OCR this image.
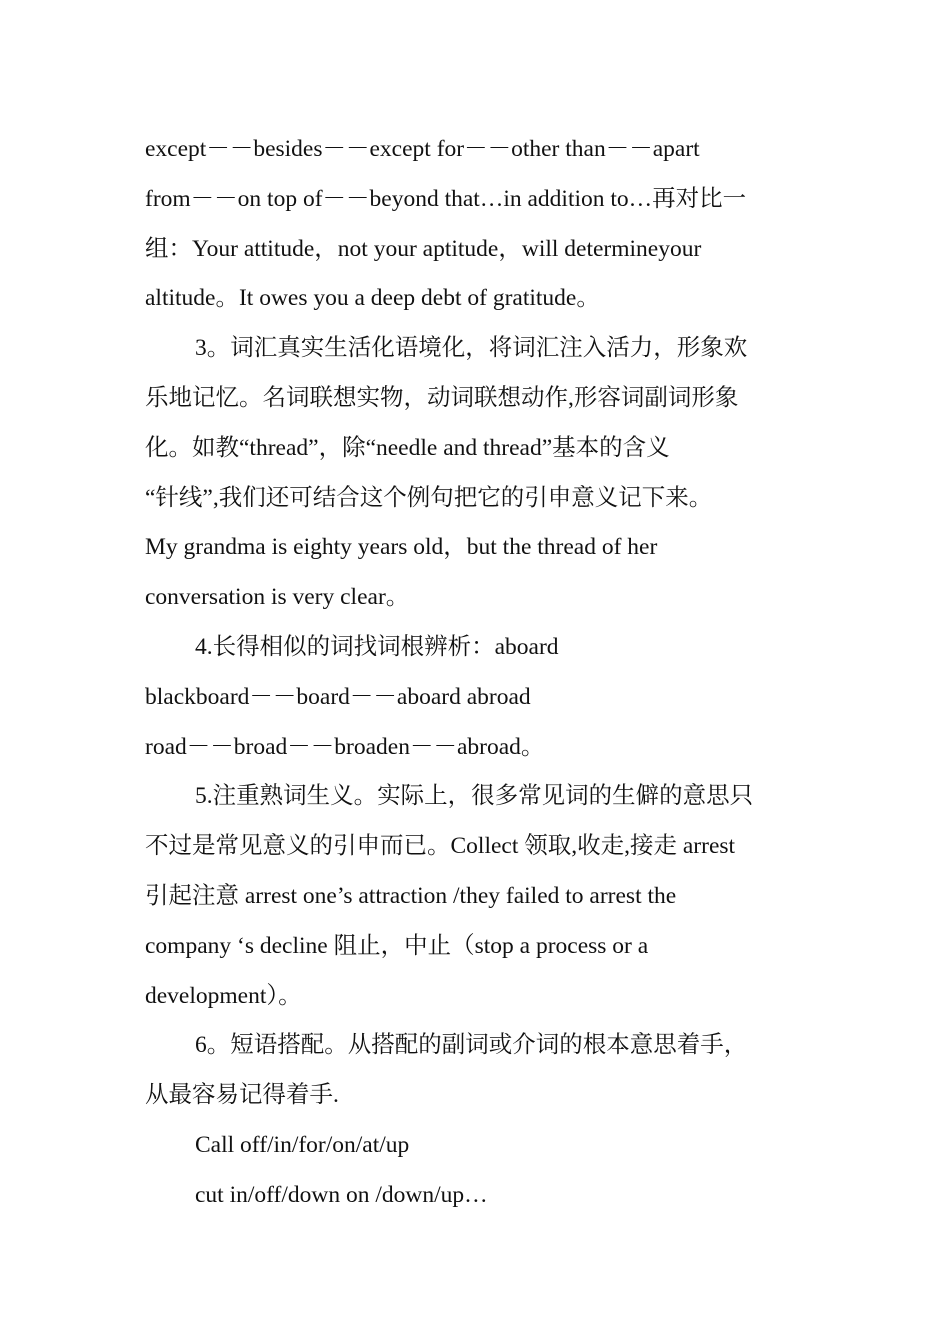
except－－besides－－except for－－other than－－apart
from－－on top of－－beyond that…in addition to…再对比一
组：Your attitude，not your aptitude，will determineyour
altitude。It owes you a deep debt of gratitude。
3。词汇真实生活化语境化，将词汇注入活力，形象欢
乐地记忆。名词联想实物，动词联想动作,形容词副词形象
化。如教“thread”，除“needle and thread”基本的含义
“针线”,我们还可结合这个例句把它的引申意义记下来。
My grandma is eighty years old，but the thread of her
conversation is very clear。
4.长得相似的词找词根辨析：aboard
blackboard－－board－－aboard abroad
road－－broad－－broaden－－abroad。
5.注重熟词生义。实际上，很多常见词的生僻的意思只
不过是常见意义的引申而已。Collect 领取,收走,接走 arrest
引起注意 arrest one’s attraction /they failed to arrest the
company ‘s decline 阻止，中止（stop a process or a
development）。
6。短语搭配。从搭配的副词或介词的根本意思着手，
从最容易记得着手.
Call off/in/for/on/at/up
cut in/off/down on /down/up…
